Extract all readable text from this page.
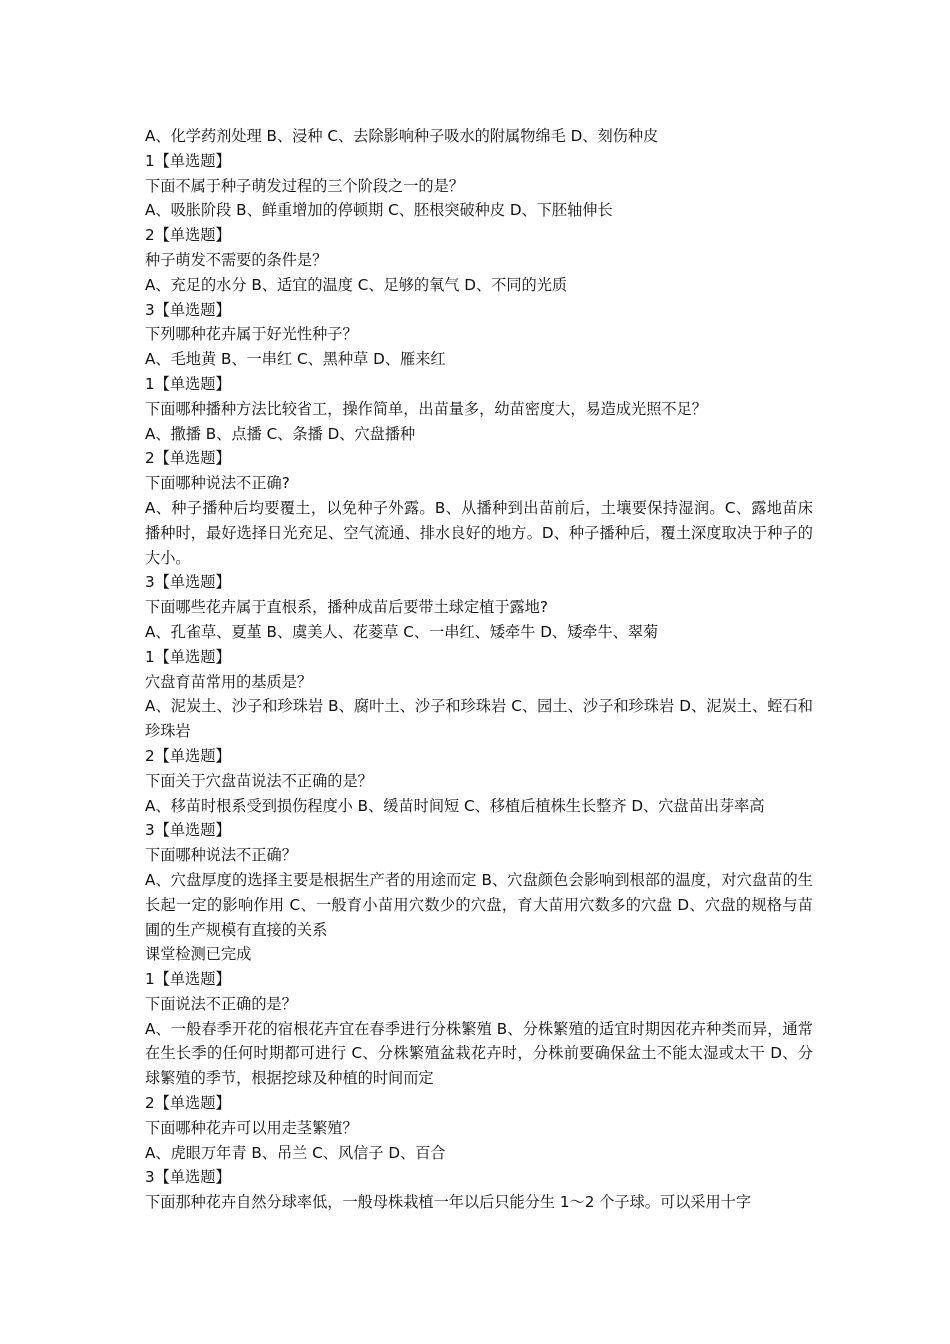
A、化学药剂处理 B、浸种 C、去除影响种子吸水的附属物绵毛 D、刻伤种皮
1【单选题】
下面不属于种子萌发过程的三个阶段之一的是？
A、吸胀阶段 B、鲜重增加的停顿期 C、胚根突破种皮 D、下胚轴伸长
2【单选题】
种子萌发不需要的条件是？
A、充足的水分 B、适宜的温度 C、足够的氧气 D、不同的光质
3【单选题】
下列哪种花卉属于好光性种子？
A、毛地黄 B、一串红 C、黑种草 D、雁来红
1【单选题】
下面哪种播种方法比较省工，操作简单，出苗量多，幼苗密度大，易造成光照不足？
A、撒播 B、点播 C、条播 D、穴盘播种
2【单选题】
下面哪种说法不正确?
A、种子播种后均要覆土，以免种子外露。B、从播种到出苗前后，土壤要保持湿润。C、露地苗床播种时，最好选择日光充足、空气流通、排水良好的地方。D、种子播种后，覆土深度取决于种子的大小。
3【单选题】
下面哪些花卉属于直根系，播种成苗后要带土球定植于露地?
A、孔雀草、夏堇 B、虞美人、花菱草 C、一串红、矮牵牛 D、矮牵牛、翠菊
1【单选题】
穴盘育苗常用的基质是？
A、泥炭土、沙子和珍珠岩 B、腐叶土、沙子和珍珠岩 C、园土、沙子和珍珠岩 D、泥炭土、蛭石和珍珠岩
2【单选题】
下面关于穴盘苗说法不正确的是？
A、移苗时根系受到损伤程度小 B、缓苗时间短 C、移植后植株生长整齐 D、穴盘苗出芽率高
3【单选题】
下面哪种说法不正确？
A、穴盘厚度的选择主要是根据生产者的用途而定 B、穴盘颜色会影响到根部的温度，对穴盘苗的生长起一定的影响作用 C、一般育小苗用穴数少的穴盘，育大苗用穴数多的穴盘 D、穴盘的规格与苗圃的生产规模有直接的关系
课堂检测已完成
1【单选题】
下面说法不正确的是？
A、一般春季开花的宿根花卉宜在春季进行分株繁殖 B、分株繁殖的适宜时期因花卉种类而异，通常在生长季的任何时期都可进行 C、分株繁殖盆栽花卉时，分株前要确保盆土不能太湿或太干 D、分球繁殖的季节，根据挖球及种植的时间而定
2【单选题】
下面哪种花卉可以用走茎繁殖？
A、虎眼万年青 B、吊兰 C、风信子 D、百合
3【单选题】
下面那种花卉自然分球率低，一般母株栽植一年以后只能分生 1～2 个子球。可以采用十字
